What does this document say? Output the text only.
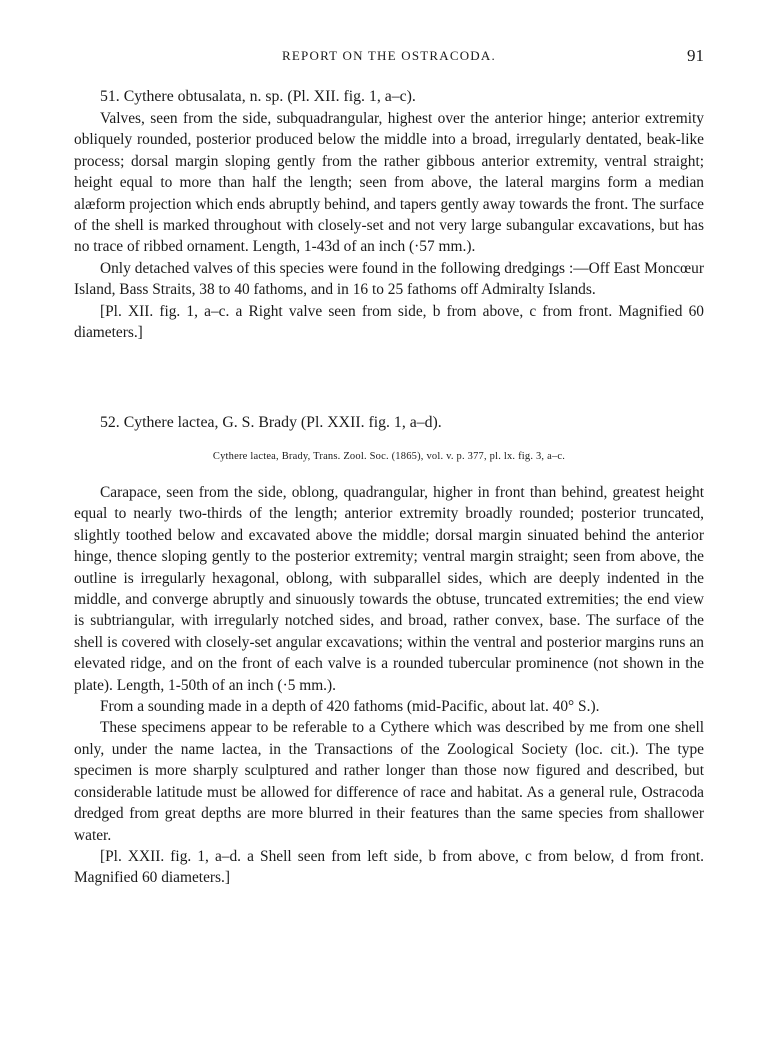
REPORT ON THE OSTRACODA.	91

51. Cythere obtusalata, n. sp. (Pl. XII. fig. 1, a–c).

Valves, seen from the side, subquadrangular, highest over the anterior hinge; anterior extremity obliquely rounded, posterior produced below the middle into a broad, irregularly dentated, beak-like process; dorsal margin sloping gently from the rather gibbous anterior extremity, ventral straight; height equal to more than half the length; seen from above, the lateral margins form a median alæform projection which ends abruptly behind, and tapers gently away towards the front. The surface of the shell is marked throughout with closely-set and not very large subangular excavations, but has no trace of ribbed ornament. Length, 1-43d of an inch (·57 mm.).

Only detached valves of this species were found in the following dredgings :—Off East Moncœur Island, Bass Straits, 38 to 40 fathoms, and in 16 to 25 fathoms off Admiralty Islands.

[Pl. XII. fig. 1, a–c. a Right valve seen from side, b from above, c from front. Magnified 60 diameters.]

52. Cythere lactea, G. S. Brady (Pl. XXII. fig. 1, a–d).

Cythere lactea, Brady, Trans. Zool. Soc. (1865), vol. v. p. 377, pl. lx. fig. 3, a–c.

Carapace, seen from the side, oblong, quadrangular, higher in front than behind, greatest height equal to nearly two-thirds of the length; anterior extremity broadly rounded; posterior truncated, slightly toothed below and excavated above the middle; dorsal margin sinuated behind the anterior hinge, thence sloping gently to the posterior extremity; ventral margin straight; seen from above, the outline is irregularly hexagonal, oblong, with subparallel sides, which are deeply indented in the middle, and converge abruptly and sinuously towards the obtuse, truncated extremities; the end view is subtriangular, with irregularly notched sides, and broad, rather convex, base. The surface of the shell is covered with closely-set angular excavations; within the ventral and posterior margins runs an elevated ridge, and on the front of each valve is a rounded tubercular prominence (not shown in the plate). Length, 1-50th of an inch (·5 mm.).

From a sounding made in a depth of 420 fathoms (mid-Pacific, about lat. 40° S.).

These specimens appear to be referable to a Cythere which was described by me from one shell only, under the name lactea, in the Transactions of the Zoological Society (loc. cit.). The type specimen is more sharply sculptured and rather longer than those now figured and described, but considerable latitude must be allowed for difference of race and habitat. As a general rule, Ostracoda dredged from great depths are more blurred in their features than the same species from shallower water.

[Pl. XXII. fig. 1, a–d. a Shell seen from left side, b from above, c from below, d from front. Magnified 60 diameters.]
